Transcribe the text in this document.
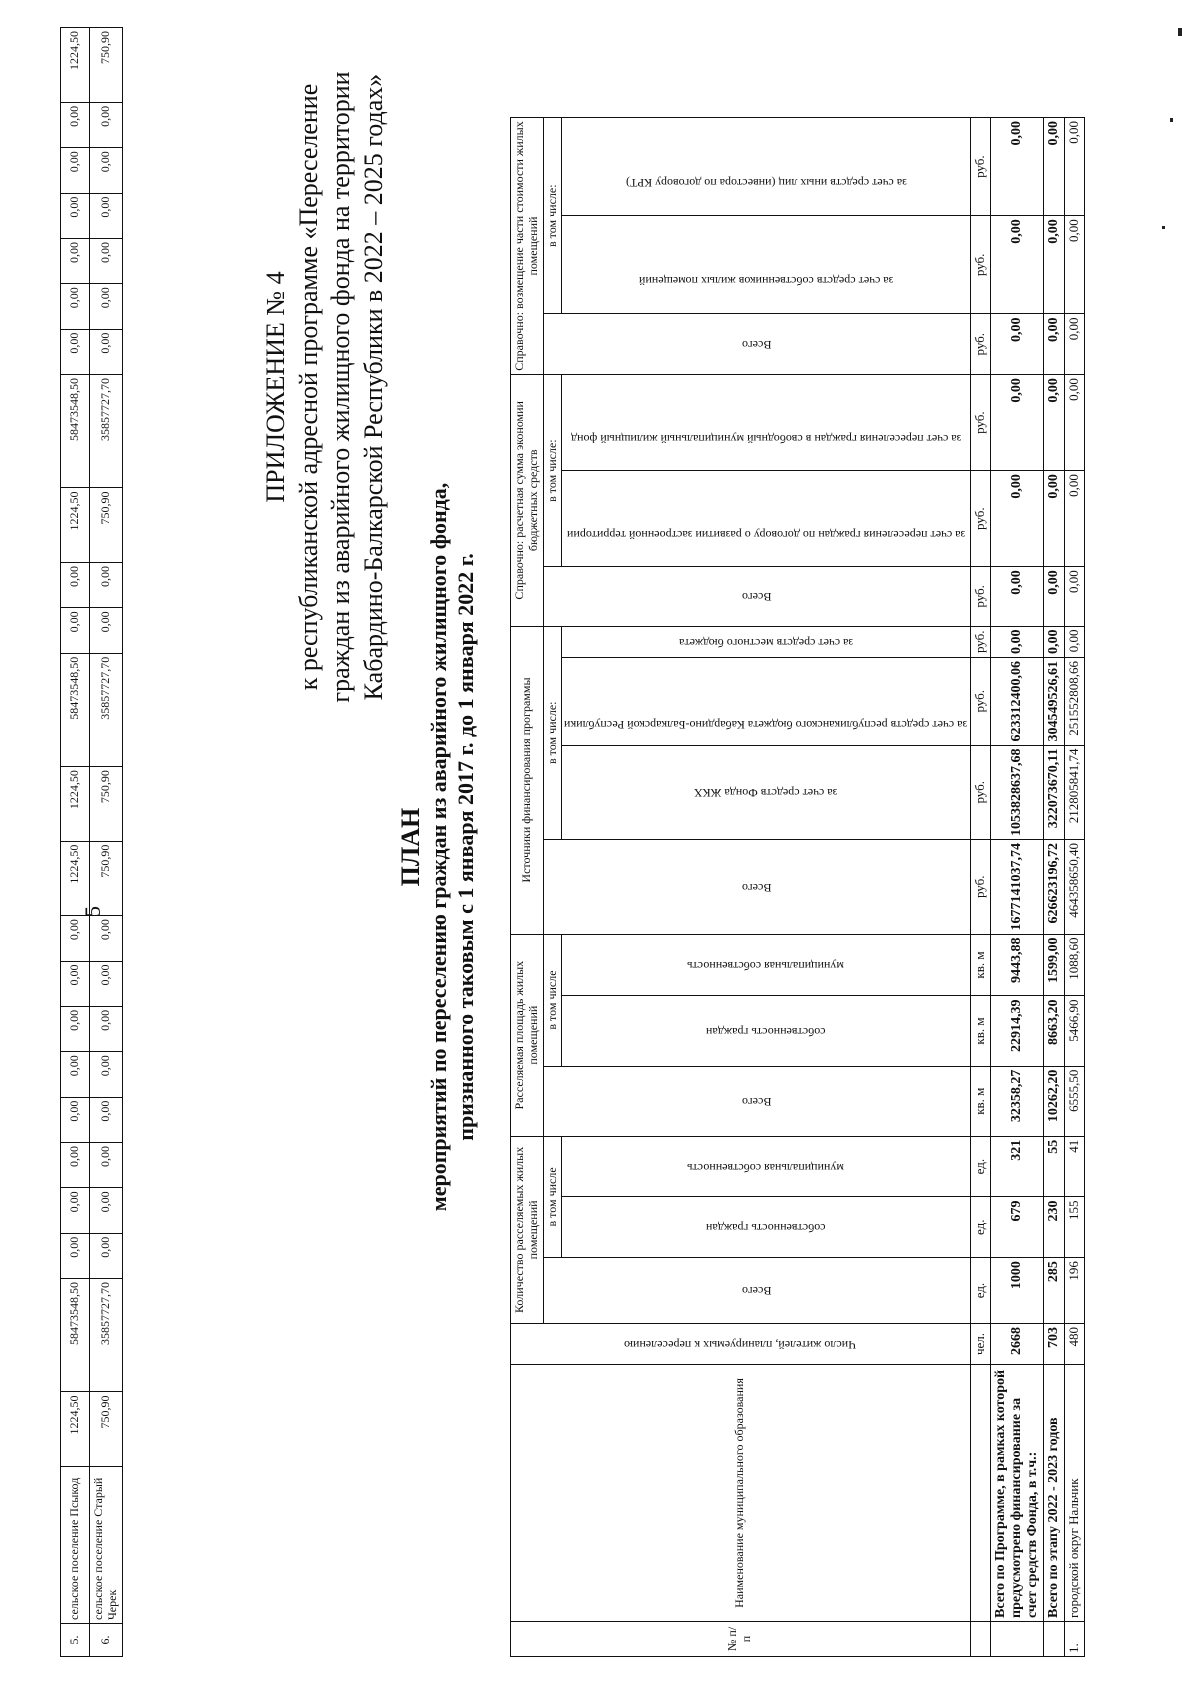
5.	сельское поселение Псыкод	1224,50	58473548,50	0,00	0,00	0,00	0,00	0,00	0,00	0,00	0,00	1224,50	1224,50	58473548,50	0,00	0,00	1224,50	58473548,50	0,00	0,00	0,00	0,00	0,00	0,00	1224,50
6.	сельское поселение Старый Черек	750,90	35857727,70	0,00	0,00	0,00	0,00	0,00	0,00	0,00	0,00	750,90	750,90	35857727,70	0,00	0,00	750,90	35857727,70	0,00	0,00	0,00	0,00	0,00	0,00	750,90
5
ПРИЛОЖЕНИЕ № 4 к республиканской адресной программе «Переселение граждан из аварийного жилищного фонда на территории Кабардино-Балкарской Республики в 2022 – 2025 годах»
ПЛАН мероприятий по переселению граждан из аварийного жилищного фонда, признанного таковым с 1 января 2017 г. до 1 января 2022 г.
№ п/п	Наименование муниципального образования	Число жителей, планируемых к переселению	Количество расселяемых жилых помещений			Расселяемая площадь жилых помещений			Источники финансирования программы				Справочно: расчетная сумма экономии бюджетных средств			Справочно: возмещение части стоимости жилых помещений		

			Всего	в том числе		Всего	в том числе		Всего	в том числе:			Всего	в том числе:		Всего	в том числе:	

				собственность граждан	муниципальная собственность		собственность граждан	муниципальная собственность		за счет средств Фонда ЖКХ	за счет средств республиканского бюджета Кабардино-Балкарской Республики	за счет средств местного бюджета		за счет переселения граждан по договору о развитии застроенной территории	за счет переселения граждан в свободный муниципальный жилищный фонд		за счет средств собственников жилых помещений	за счет средств иных лиц (инвестора по договору КРТ)

		чел.	ед.	ед.	ед.	кв. м	кв. м	кв. м	руб.	руб.	руб.	руб.	руб.	руб.	руб.	руб.	руб.	руб.
	Всего по Программе, в рамках которой предусмотрено финансирование за счет средств Фонда, в т.ч.:	2668	1000	679	321	32358,27	22914,39	9443,88	1677141037,74	1053828637,68	623312400,06	0,00	0,00	0,00	0,00	0,00	0,00	0,00
	Всего по этапу 2022 - 2023 годов	703	285	230	55	10262,20	8663,20	1599,00	626623196,72	322073670,11	304549526,61	0,00	0,00	0,00	0,00	0,00	0,00	0,00
1.	городской округ Нальчик	480	196	155	41	6555,50	5466,90	1088,60	464358650,40	212805841,74	251552808,66	0,00	0,00	0,00	0,00	0,00	0,00	0,00
